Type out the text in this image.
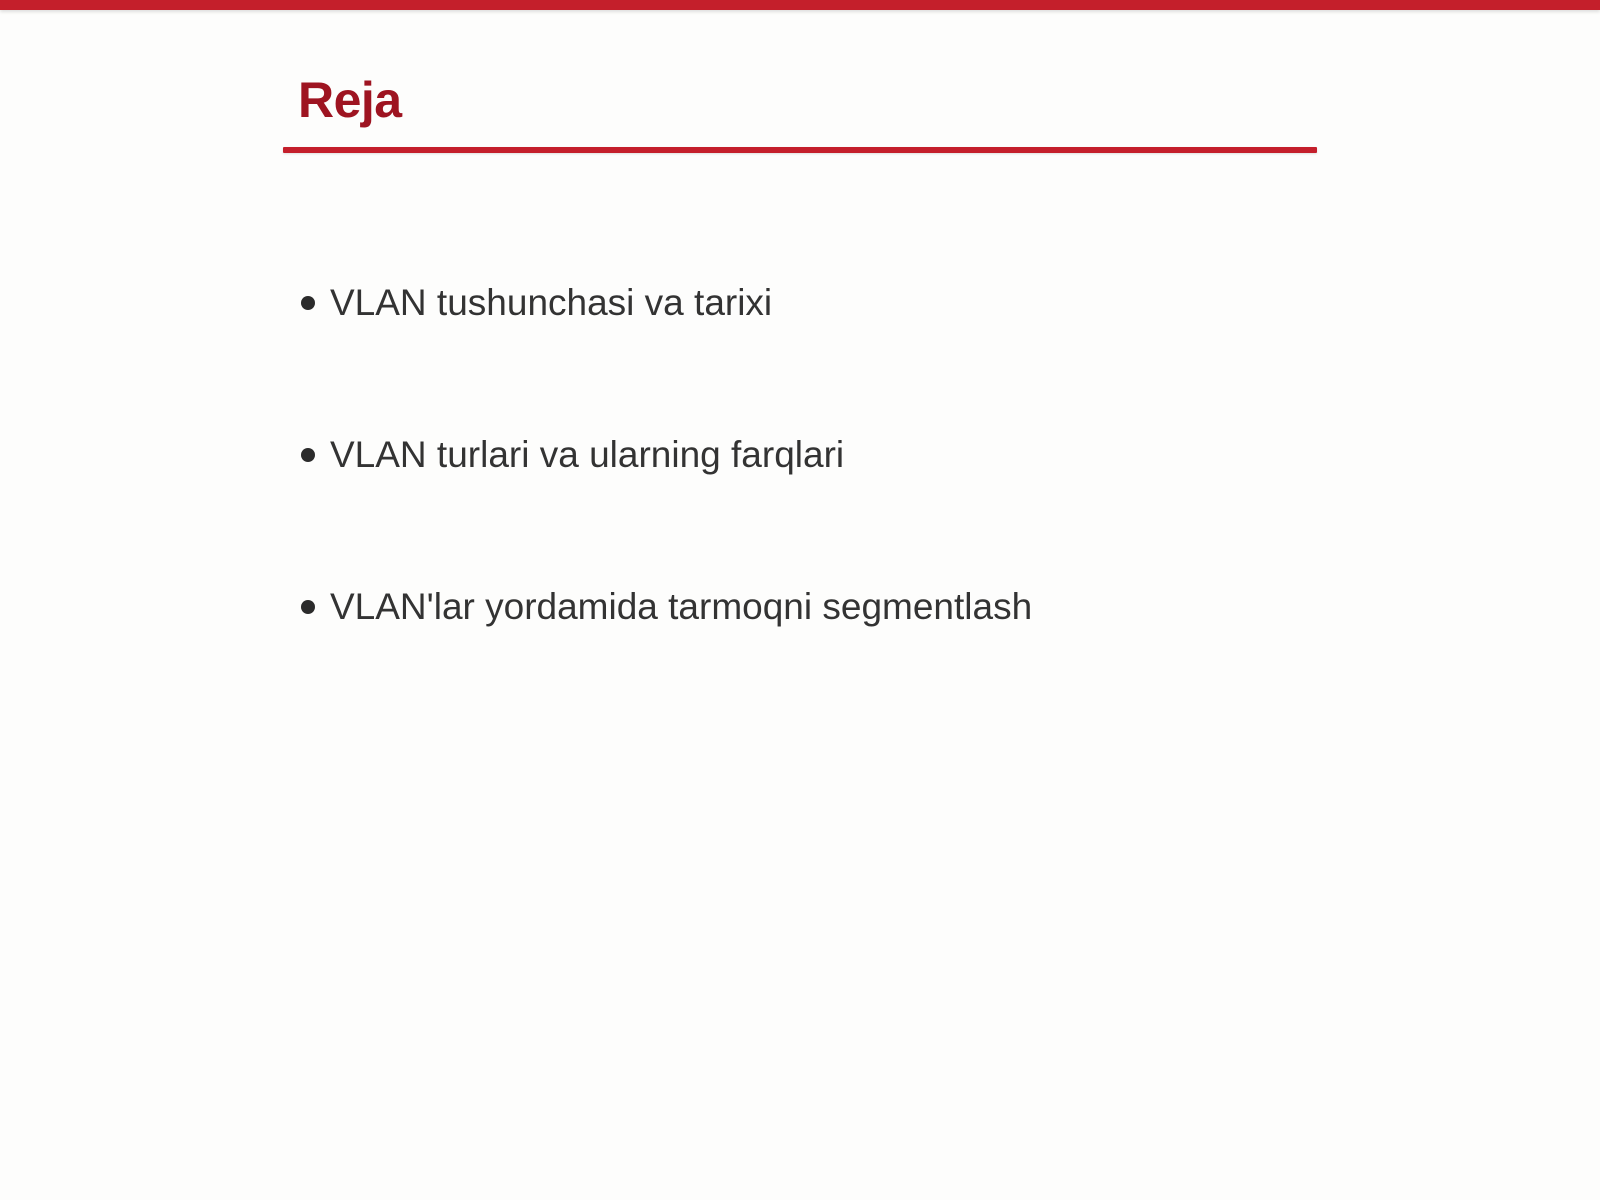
Reja
VLAN tushunchasi va tarixi
VLAN turlari va ularning farqlari
VLAN'lar yordamida tarmoqni segmentlash
